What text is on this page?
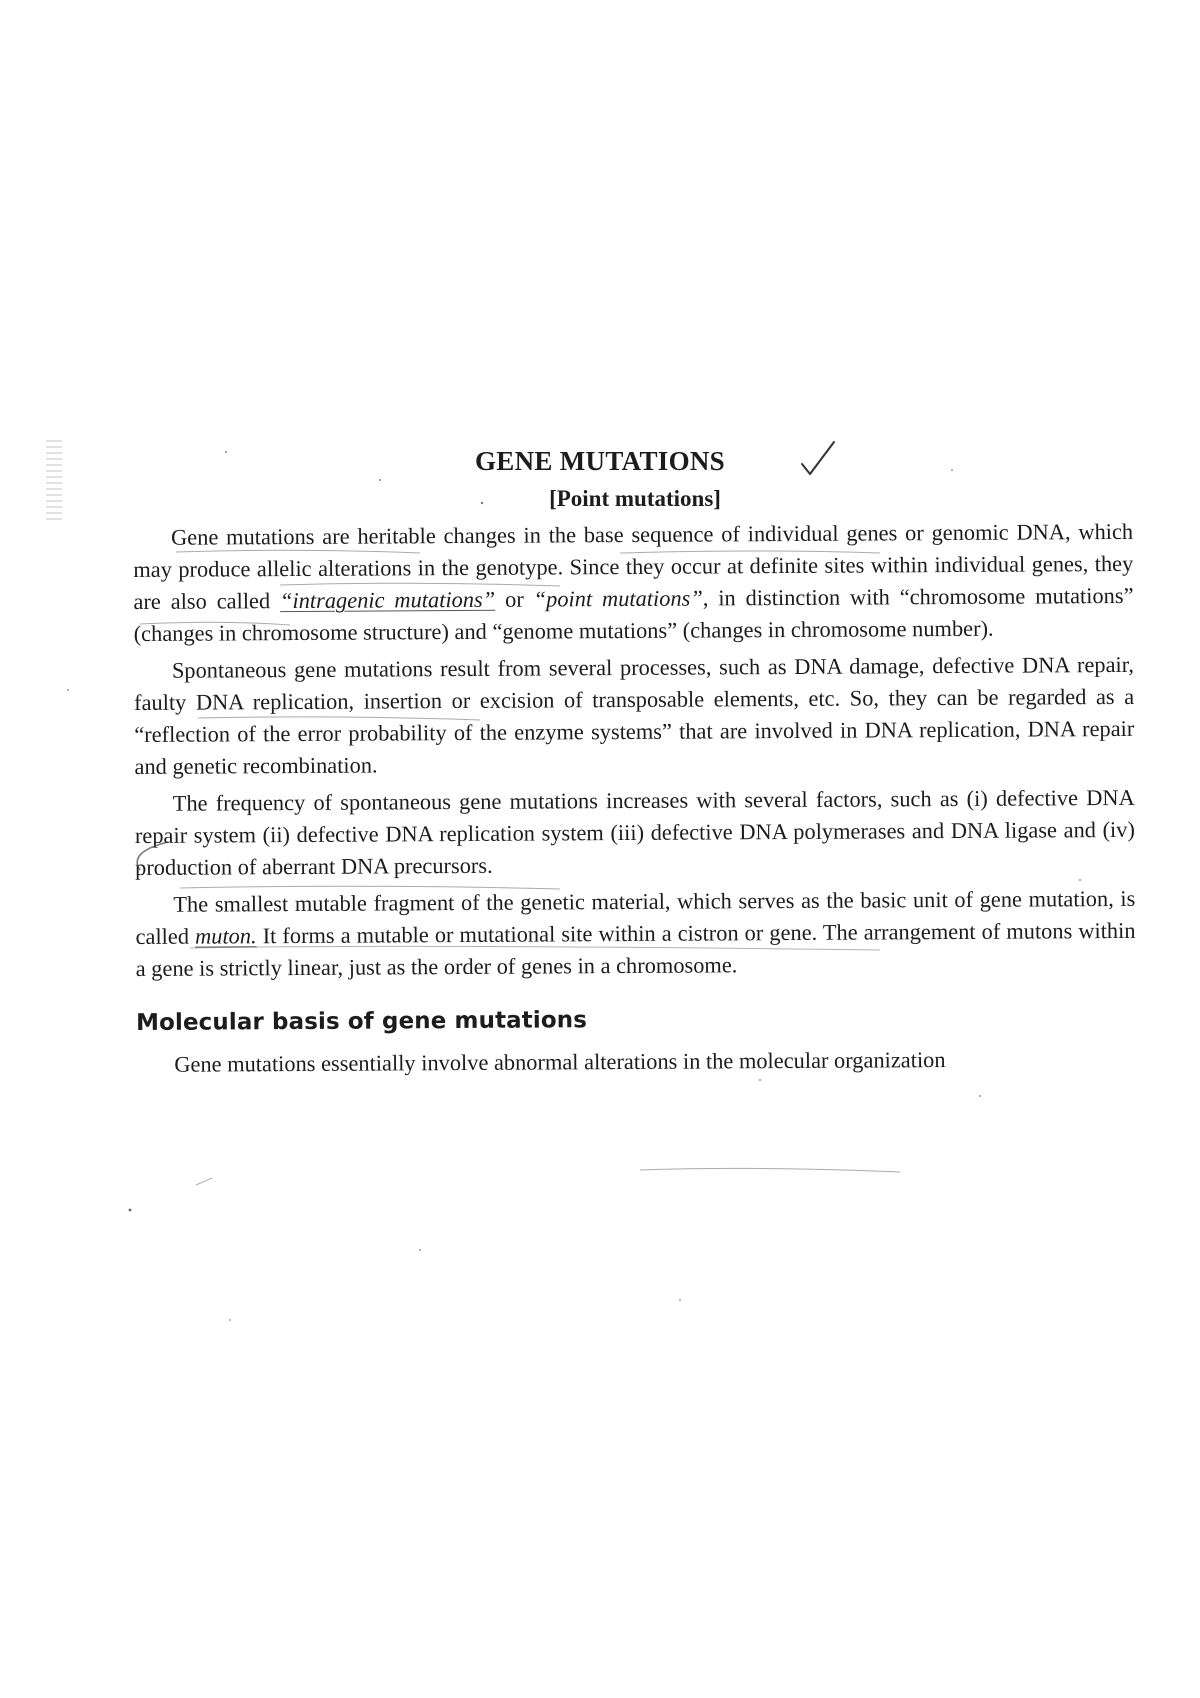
GENE MUTATIONS
[Point mutations]

Gene mutations are heritable changes in the base sequence of individual genes or genomic DNA, which may produce allelic alterations in the genotype. Since they occur at definite sites within individual genes, they are also called “intragenic mutations” or “point mutations”, in distinction with “chromosome mutations” (changes in chromosome structure) and “genome mutations” (changes in chromosome number).

Spontaneous gene mutations result from several processes, such as DNA damage, defective DNA repair, faulty DNA replication, insertion or excision of transposable elements, etc. So, they can be regarded as a “reflection of the error probability of the enzyme systems” that are involved in DNA replication, DNA repair and genetic recombination.

The frequency of spontaneous gene mutations increases with several factors, such as (i) defective DNA repair system (ii) defective DNA replication system (iii) defective DNA polymerases and DNA ligase and (iv) production of aberrant DNA precursors.

The smallest mutable fragment of the genetic material, which serves as the basic unit of gene mutation, is called muton. It forms a mutable or mutational site within a cistron or gene. The arrangement of mutons within a gene is strictly linear, just as the order of genes in a chromosome.

Molecular basis of gene mutations

Gene mutations essentially involve abnormal alterations in the molecular organization
